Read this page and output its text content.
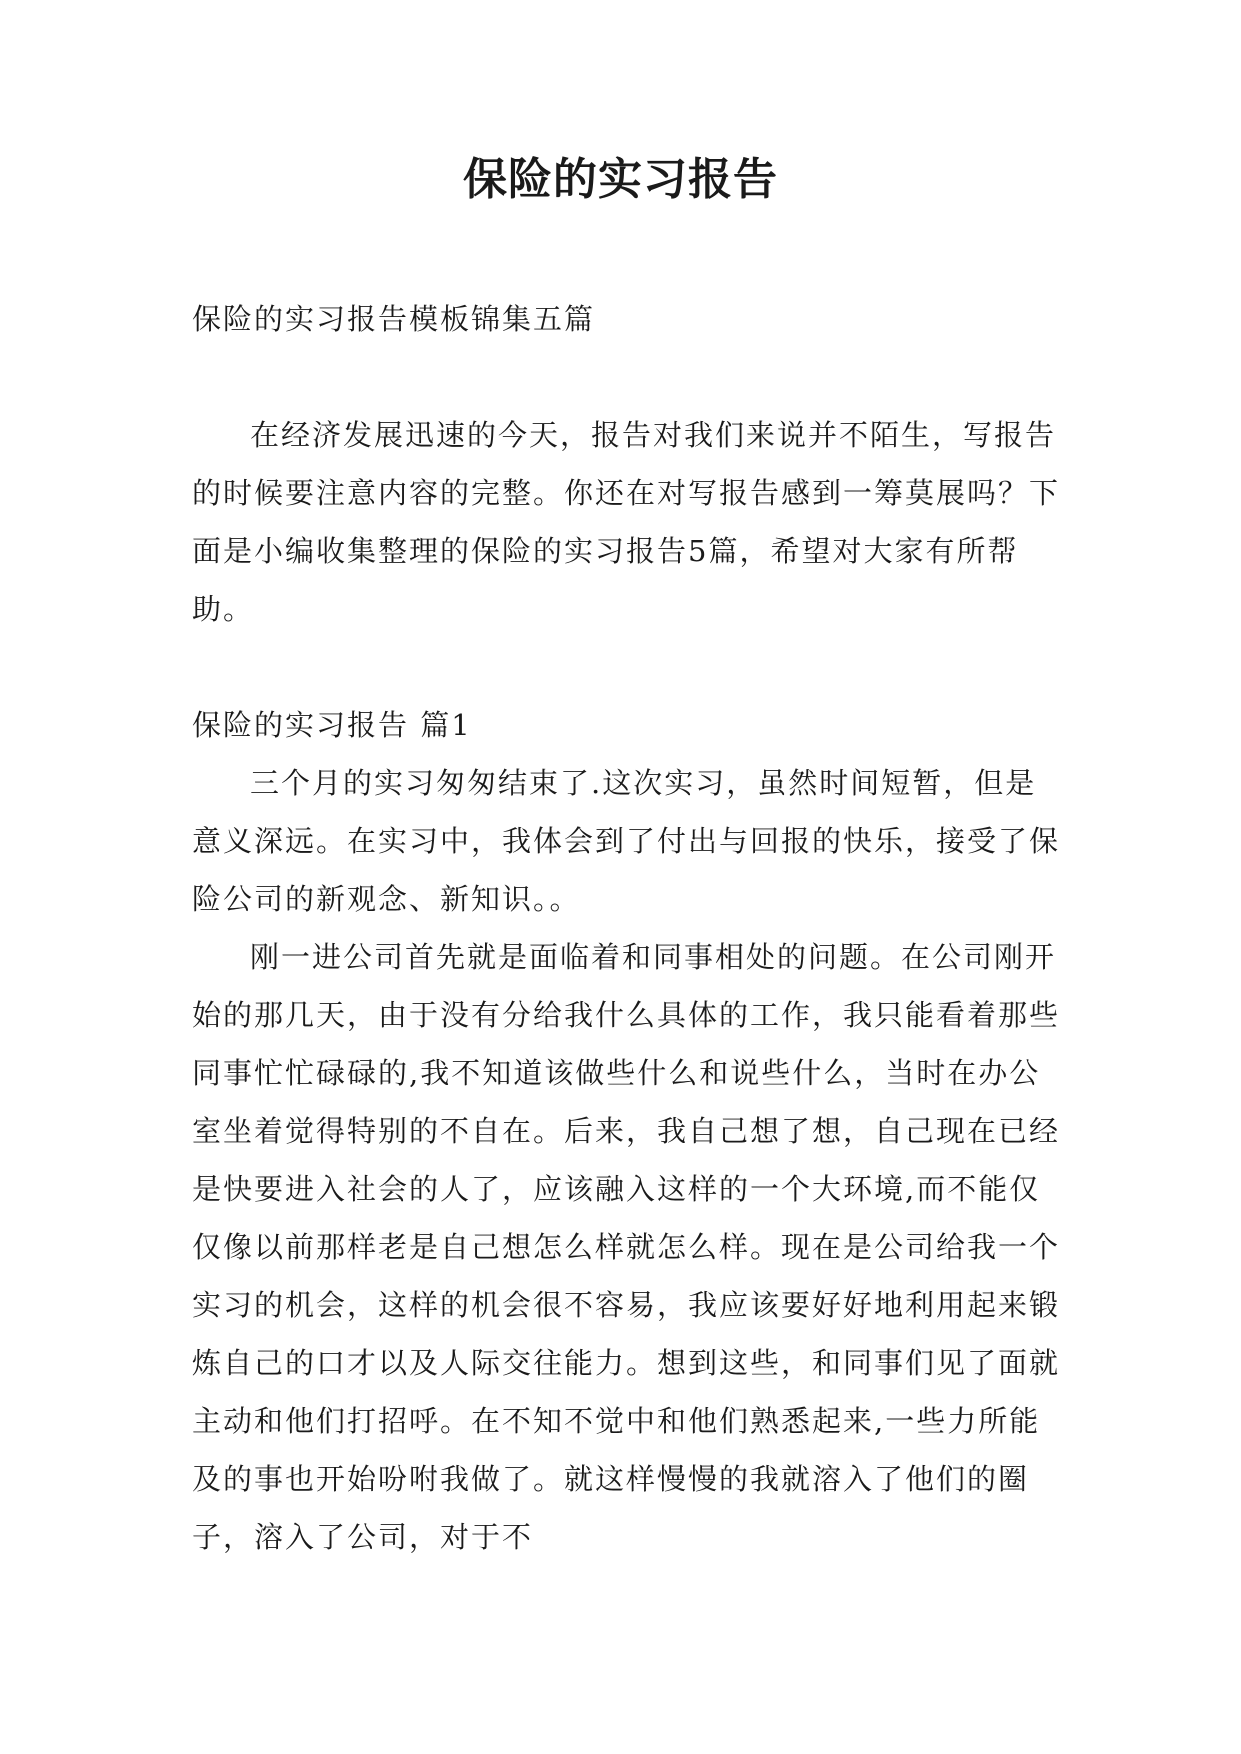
保险的实习报告

保险的实习报告模板锦集五篇

在经济发展迅速的今天，报告对我们来说并不陌生，写报告的时候要注意内容的完整。你还在对写报告感到一筹莫展吗？下面是小编收集整理的保险的实习报告5篇，希望对大家有所帮助。

保险的实习报告 篇1

三个月的实习匆匆结束了.这次实习，虽然时间短暂，但是意义深远。在实习中，我体会到了付出与回报的快乐，接受了保险公司的新观念、新知识。。

刚一进公司首先就是面临着和同事相处的问题。在公司刚开始的那几天，由于没有分给我什么具体的工作，我只能看着那些同事忙忙碌碌的,我不知道该做些什么和说些什么，当时在办公室坐着觉得特别的不自在。后来，我自己想了想，自己现在已经是快要进入社会的人了，应该融入这样的一个大环境,而不能仅仅像以前那样老是自己想怎么样就怎么样。现在是公司给我一个实习的机会，这样的机会很不容易，我应该要好好地利用起来锻炼自己的口才以及人际交往能力。想到这些，和同事们见了面就主动和他们打招呼。在不知不觉中和他们熟悉起来,一些力所能及的事也开始吩咐我做了。就这样慢慢的我就溶入了他们的圈子，溶入了公司，对于不
